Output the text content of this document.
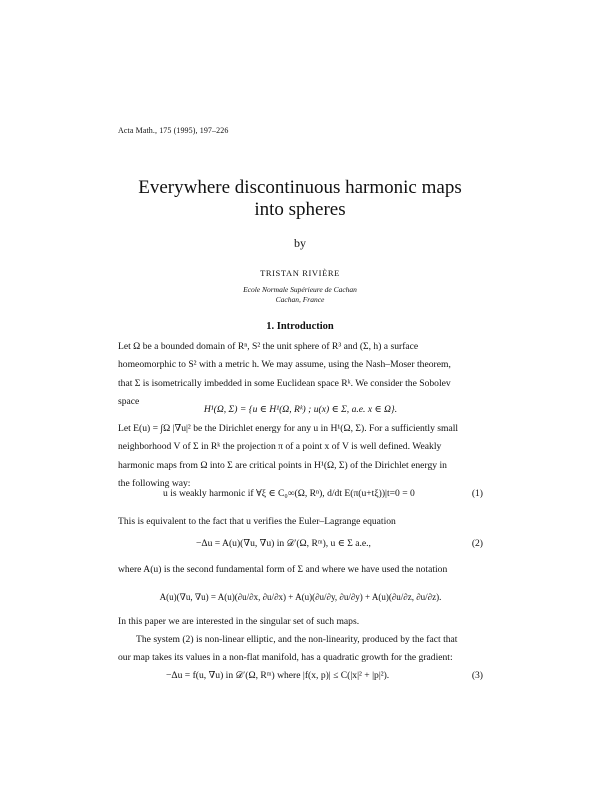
Acta Math., 175 (1995), 197–226
Everywhere discontinuous harmonic maps
into spheres
by
TRISTAN RIVIÈRE
Ecole Normale Supérieure de Cachan
Cachan, France
1. Introduction
Let Ω be a bounded domain of Rⁿ, S² the unit sphere of R³ and (Σ, h) a surface
homeomorphic to S² with a metric h. We may assume, using the Nash–Moser theorem,
that Σ is isometrically imbedded in some Euclidean space Rᵏ. We consider the Sobolev
space
H¹(Ω, Σ) = {u ∈ H¹(Ω, Rᵏ) ; u(x) ∈ Σ, a.e. x ∈ Ω}.
Let E(u) = ∫Ω |∇u|² be the Dirichlet energy for any u in H¹(Ω, Σ). For a sufficiently small
neighborhood V of Σ in Rᵏ the projection π of a point x of V is well defined. Weakly
harmonic maps from Ω into Σ are critical points in H¹(Ω, Σ) of the Dirichlet energy in
the following way:
u is weakly harmonic if ∀ξ ∈ C₀∞(Ω, Rⁿ), d/dt E(π(u+tξ))|t=0 = 0	(1)
This is equivalent to the fact that u verifies the Euler–Lagrange equation
−Δu = A(u)(∇u, ∇u) in 𝒟′(Ω, Rᵐ), u ∈ Σ a.e.,	(2)
where A(u) is the second fundamental form of Σ and where we have used the notation
A(u)(∇u, ∇u) = A(u)(∂u/∂x, ∂u/∂x) + A(u)(∂u/∂y, ∂u/∂y) + A(u)(∂u/∂z, ∂u/∂z).
In this paper we are interested in the singular set of such maps.
The system (2) is non-linear elliptic, and the non-linearity, produced by the fact that
our map takes its values in a non-flat manifold, has a quadratic growth for the gradient:
−Δu = f(u, ∇u) in 𝒟′(Ω, Rᵐ) where |f(x, p)| ≤ C(|x|² + |p|²).	(3)
